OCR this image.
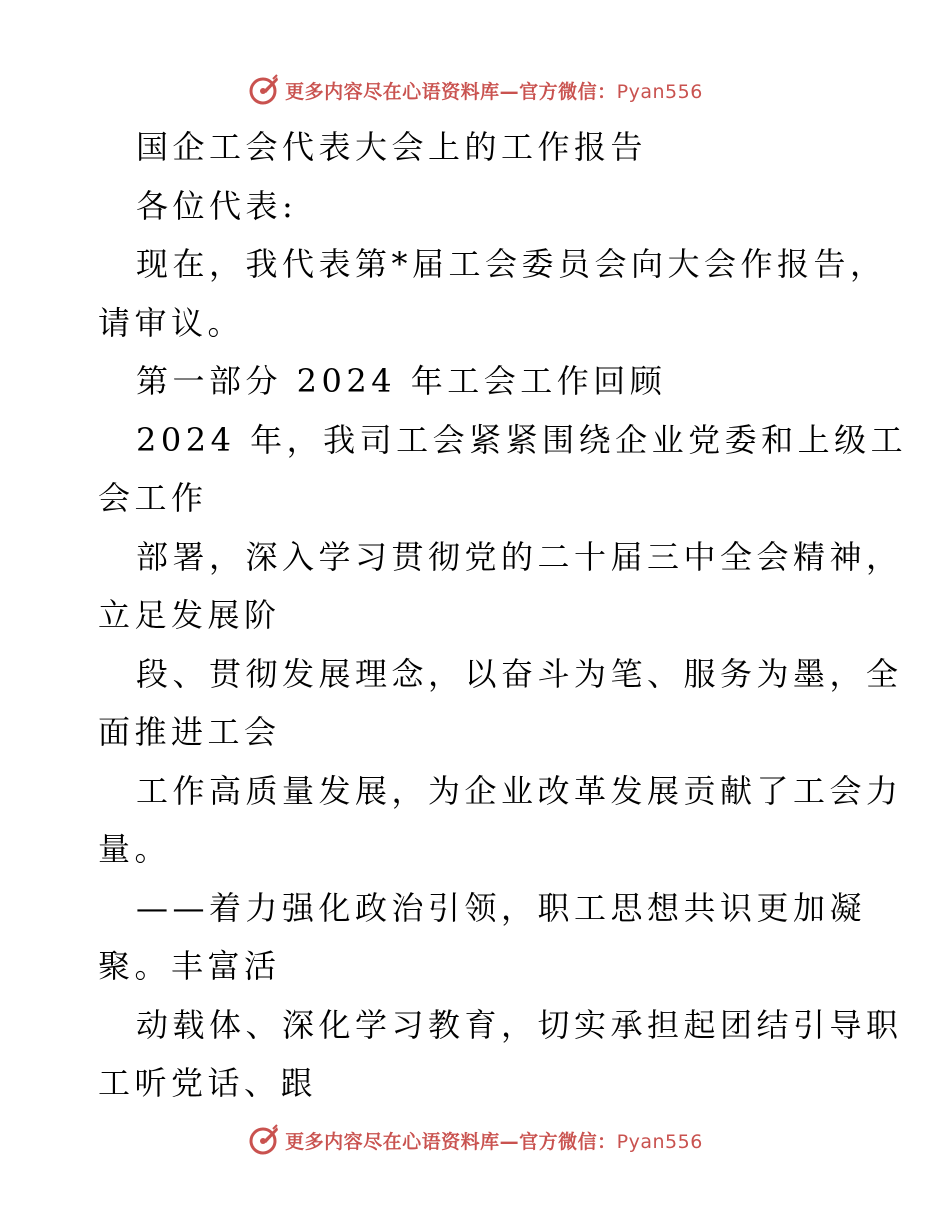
更多内容尽在心语资料库—官方微信：Pyan556
国企工会代表大会上的工作报告
各位代表:
现在，我代表第*届工会委员会向大会作报告，
请审议。
第一部分 2024 年工会工作回顾
2024 年，我司工会紧紧围绕企业党委和上级工
会工作
部署，深入学习贯彻党的二十届三中全会精神，
立足发展阶
段、贯彻发展理念，以奋斗为笔、服务为墨，全
面推进工会
工作高质量发展，为企业改革发展贡献了工会力
量。
——着力强化政治引领，职工思想共识更加凝
聚。丰富活
动载体、深化学习教育，切实承担起团结引导职
工听党话、跟
更多内容尽在心语资料库—官方微信：Pyan556
